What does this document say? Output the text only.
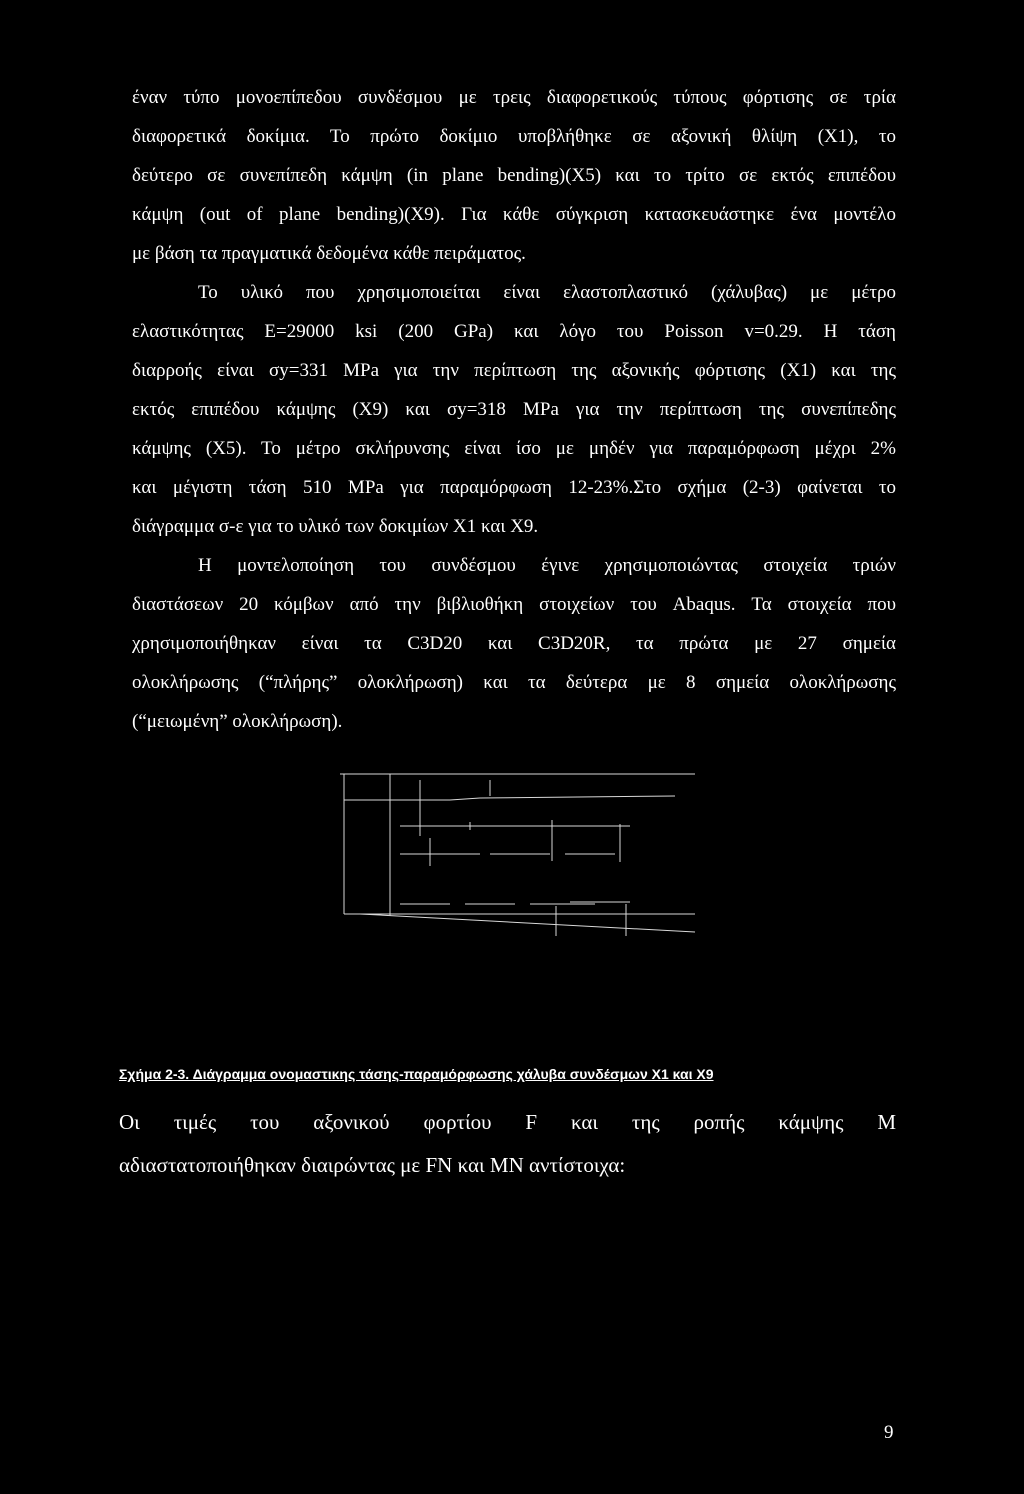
έναν τύπο μονοεπίπεδου συνδέσμου με τρεις διαφορετικούς τύπους φόρτισης σε τρία
διαφορετικά δοκίμια. Το πρώτο δοκίμιο υποβλήθηκε σε αξονική θλίψη (Χ1), το
δεύτερο σε συνεπίπεδη κάμψη (in plane bending)(X5) και το τρίτο σε εκτός επιπέδου
κάμψη (out of plane bending)(X9). Για κάθε σύγκριση κατασκευάστηκε ένα μοντέλο
με βάση τα πραγματικά δεδομένα κάθε πειράματος.
Το υλικό που χρησιμοποιείται είναι ελαστοπλαστικό (χάλυβας) με μέτρο
ελαστικότητας E=29000 ksi (200 GPa) και λόγο του Poisson v=0.29. Η τάση
διαρροής είναι σy=331 MPa για την περίπτωση της αξονικής φόρτισης (Χ1) και της
εκτός επιπέδου κάμψης (Χ9) και σy=318 MPa για την περίπτωση της συνεπίπεδης
κάμψης (Χ5). Το μέτρο σκλήρυνσης είναι ίσο με μηδέν για παραμόρφωση μέχρι 2%
και μέγιστη τάση 510 MPa για παραμόρφωση 12-23%.Στο σχήμα (2-3) φαίνεται το
διάγραμμα σ-ε για το υλικό των δοκιμίων Χ1 και Χ9.
Η μοντελοποίηση του συνδέσμου έγινε χρησιμοποιώντας στοιχεία τριών
διαστάσεων 20 κόμβων από την βιβλιοθήκη στοιχείων του Abaqus. Τα στοιχεία που
χρησιμοποιήθηκαν είναι τα C3D20 και C3D20R, τα πρώτα με 27 σημεία
ολοκλήρωσης (“πλήρης” ολοκλήρωση) και τα δεύτερα με 8 σημεία ολοκλήρωσης
(“μειωμένη” ολοκλήρωση).
Σχήμα 2-3. Διάγραμμα ονομαστικης τάσης-παραμόρφωσης χάλυβα συνδέσμων Χ1 και Χ9
Οι τιμές του αξονικού φορτίου F και της ροπής κάμψης Μ
αδιαστατοποιήθηκαν διαιρώντας με FN και MN αντίστοιχα:
9
